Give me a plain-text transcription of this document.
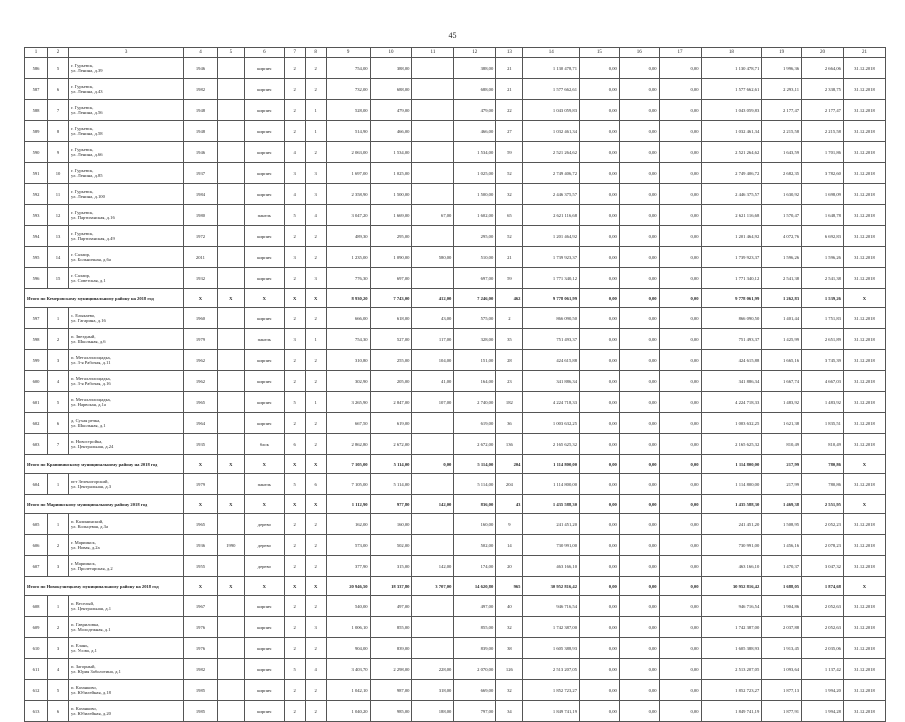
45
1	2	3	4	5	6	7	8	9	10	11	12	13	14	15	16	17	18	19	20	21
586	5	г. Гурьевск,
ул. Ленина, д.39	1946		кирпич	2	2	754,00	388,00		388,00	21	1 130 478,71	0,00	0,00	0,00	1 130 478,71	1 996,36	2 664,06	31.12.2018
587	6	г. Гурьевск,
ул. Ленина, д.43	1982		кирпич	2	2	732,00	688,00		688,00	21	1 577 662,61	0,00	0,00	0,00	1 577 662,61	2 293,11	2 338,75	31.12.2018
588	7	г. Гурьевск,
ул. Ленина, д.56	1948		кирпич	2	1	528,00	479,00		479,00	22	1 043 059,83	0,00	0,00	0,00	1 043 059,83	2 177,47	2 177,47	31.12.2018
589	8	г. Гурьевск,
ул. Ленина, д.58	1948		кирпич	2	1	514,90	466,00		466,00	27	1 032 461,34	0,00	0,00	0,00	1 032 461,34	2 215,58	2 215,58	31.12.2018
590	9	г. Гурьевск,
ул. Ленина, д.66	1946		кирпич	4	2	2 063,00	1 534,00		1 534,00	59	2 521 264,62	0,00	0,00	0,00	2 521 264,62	1 643,59	1 701,86	31.12.2018
591	10	г. Гурьевск,
ул. Ленина, д.85	1937		кирпич	3	3	1 697,00	1 025,00		1 025,00	52	2 749 406,72	0,00	0,00	0,00	2 749 406,72	2 682,35	3 782,60	31.12.2018
592	11	г. Гурьевск,
ул. Ленина, д.100	1984		кирпич	4	3	2 358,90	1 500,00		1 500,00	32	2 446 375,57	0,00	0,00	0,00	2 446 375,57	1 630,92	1 698,09	31.12.2018
593	12	г. Гурьевск,
ул. Партизанская, д.16	1980		панель	5	4	3 047,20	1 669,00	67,00	1 602,00	65	2 621 116,68	0,00	0,00	0,00	2 621 116,68	1 570,47	1 648,78	31.12.2018
594	13	г. Гурьевск,
ул. Партизанская, д.49	1972		кирпич	2	2	489,30	295,00		295,00	52	1 201 464,92	0,00	0,00	0,00	1 201 464,92	4 072,76	6 692,83	31.12.2018
595	14	г. Салаир,
ул. Больничная, д.6а	2011		кирпич	3	2	1 235,00	1 090,00	580,00	510,00	21	1 739 923,37	0,00	0,00	0,00	1 739 923,37	1 596,26	1 596,26	31.12.2018
596	15	г. Салаир,
ул. Советская, д.1	1932		кирпич	2	3	776,30	697,00		697,00	59	1 771 340,12	0,00	0,00	0,00	1 771 340,12	2 541,38	2 541,38	31.12.2018
Итого по Кемеровскому муниципальному району на 2018 год			X	X	X	X	X	8 930,20	7 743,00	412,00	7 246,00	462	9 778 061,99	0,00	0,00	0,00	9 778 061,99	1 262,83	1 539,26	X
597	1	с. Елыкаево,
ул. Гагарина, д.16	1960		кирпич	2	2	666,00	618,00	43,00	575,00	2	866 090,50	0,00	0,00	0,00	866 090,50	1 401,44	1 751,83	31.12.2018
598	2	п. Звездный,
ул. Школьная, д.6	1979		панель	3	1	754,30	527,00	117,00	328,00	35	751 493,37	0,00	0,00	0,00	751 493,37	1 425,99	2 651,89	31.12.2018
599	3	п. Металлплощадка,
ул. 3-я Рабочая, д.11	1962		кирпич	2	2	310,80	255,00	104,00	151,00	28	424 615,88	0,00	0,00	0,00	424 615,88	1 665,16	3 745,39	31.12.2018
600	4	п. Металлплощадка,
ул. 3-я Рабочая, д.16	1962		кирпич	2	2	302,90	205,00	41,00	164,00	23	341 886,34	0,00	0,00	0,00	341 886,34	1 667,74	4 667,03	31.12.2018
601	5	п. Металлплощадка,
ул. Нарвская, д.1а	1965		кирпич	5	1	3 265,90	2 847,00	107,00	2 740,00	182	4 224 718,33	0,00	0,00	0,00	4 224 718,33	1 483,92	1 483,92	31.12.2018
602	6	д. Сухая речка,
ул. Школьная, д.1	1964		кирпич	2	2	667,50	619,00		619,00	36	1 003 632,25	0,00	0,00	0,00	1 003 632,25	1 621,38	1 835,51	31.12.2018
603	7	п. Новостройка,
ул. Центральная, д.24	1935		блок	6	2	2 862,80	2 672,00		2 672,00	136	2 165 625,32	0,00	0,00	0,00	2 165 625,32	810,49	810,49	31.12.2018
Итого по Крапивинскому муниципальному району на 2018 год			X	X	X	X	X	7 105,00	5 114,00	0,00	5 114,00	204	1 114 800,00	0,00	0,00	0,00	1 114 800,00	217,99	780,86	X
604	1	пгт Зеленогорский,
ул. Центральная, д.3	1979		панель	5	6	7 105,00	5 114,00		5 114,00	204	1 114 800,00	0,00	0,00	0,00	1 114 800,00	217,99	780,86	31.12.2018
Итого по Мариинскому муниципальному району 2018 год			X	X	X	X	X	1 112,90	977,80	142,00	836,00	43	1 435 588,30	0,00	0,00	0,00	1 435 588,30	1 469,38	2 551,95	X
605	1	п. Калининский,
ул. Кольцевая, д.3а	1965		дерево	2	2	162,00	160,00		160,00	9	241 451,20	0,00	0,00	0,00	241 451,20	1 508,95	2 052,23	31.12.2018
606	2	г. Мариинск,
ул. Новая, д.2а	1936	1990	дерево	2	2	573,00	502,00		502,00	14	730 991,00	0,00	0,00	0,00	730 991,00	1 456,16	2 078,23	31.12.2018
607	3	г. Мариинск,
ул. Пролетарская, д.2	1955		дерево	2	2	377,90	315,00	142,00	174,00	20	463 166,10	0,00	0,00	0,00	463 166,10	1 470,37	3 047,32	31.12.2018
Итого по Новокузнецкому муниципальному району на 2018 год			X	X	X	X	X	20 946,50	18 337,80	3 707,00	14 620,80	965	30 952 816,42	0,00	0,00	0,00	30 952 816,42	1 688,05	1 874,68	X
608	1	п. Веселый,
ул. Центральная, д.1	1967		кирпич	2	2	540,00	497,00		497,00	40	946 716,54	0,00	0,00	0,00	946 716,54	1 904,86	2 052,63	31.12.2018
609	2	п. Гавриловка,
ул. Молодежная, д.1	1976		кирпич	2	3	1 006,10	855,00		855,00	32	1 742 387,00	0,00	0,00	0,00	1 742 387,00	2 037,88	2 052,63	31.12.2018
610	3	п. Елань,
ул. Усова, д.1	1976		кирпич	2	2	904,00	839,00		839,00	38	1 605 388,93	0,00	0,00	0,00	1 605 388,93	1 913,45	2 035,06	31.12.2018
611	4	п. Загорный,
ул. Юрия Заболотина, д.1	1982		кирпич	5	4	3 403,70	2 298,00	228,00	2 070,00	126	2 513 207,05	0,00	0,00	0,00	2 513 207,05	1 093,64	1 137,42	31.12.2018
612	5	п. Казанково,
ул. Юбилейная, д.18	1985		кирпич	2	2	1 042,10	987,00	318,00	669,00	32	1 852 723,27	0,00	0,00	0,00	1 852 723,27	1 877,13	1 994,20	31.12.2018
613	6	п. Казанково,
ул. Юбилейная, д.20	1985		кирпич	2	2	1 040,20	985,00	188,00	797,00	34	1 849 741,19	0,00	0,00	0,00	1 849 741,19	1 877,91	1 994,28	31.12.2018
